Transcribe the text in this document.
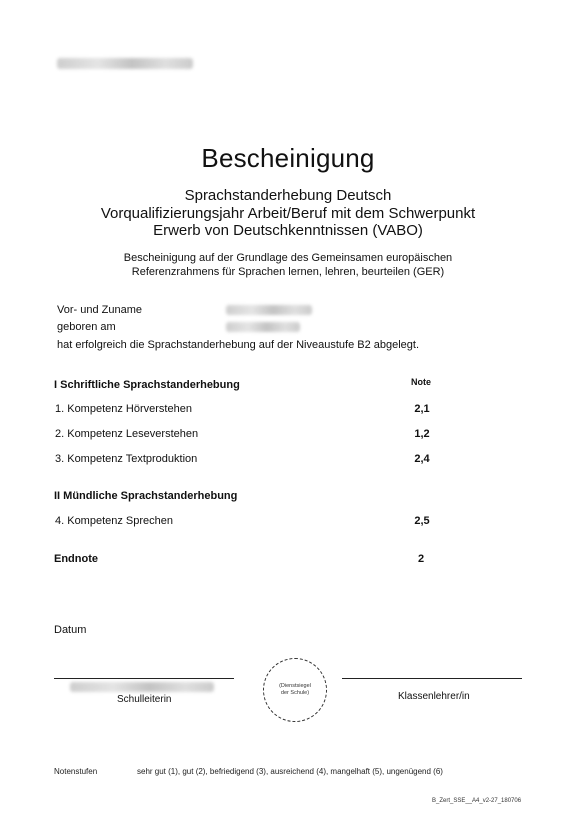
Bescheinigung
Sprachstanderhebung Deutsch
Vorqualifizierungsjahr Arbeit/Beruf mit dem Schwerpunkt
Erwerb von Deutschkenntnissen (VABO)
Bescheinigung auf der Grundlage des Gemeinsamen europäischen
Referenzrahmens für Sprachen lernen, lehren, beurteilen (GER)
Vor- und Zuname
geboren am
hat erfolgreich die Sprachstanderhebung auf der Niveaustufe B2 abgelegt.
I Schriftliche Sprachstanderhebung	Note
1. Kompetenz Hörverstehen	2,1
2. Kompetenz Leseverstehen	1,2
3. Kompetenz Textproduktion	2,4
II Mündliche Sprachstanderhebung
4. Kompetenz Sprechen	2,5
Endnote	2
Datum
Schulleiterin
(Dienstsiegel
der Schule)	Klassenlehrer/in
Notenstufen	sehr gut (1), gut (2), befriedigend (3), ausreichend (4), mangelhaft (5), ungenügend (6)
B_Zert_SSE__A4_v2-27_180706
